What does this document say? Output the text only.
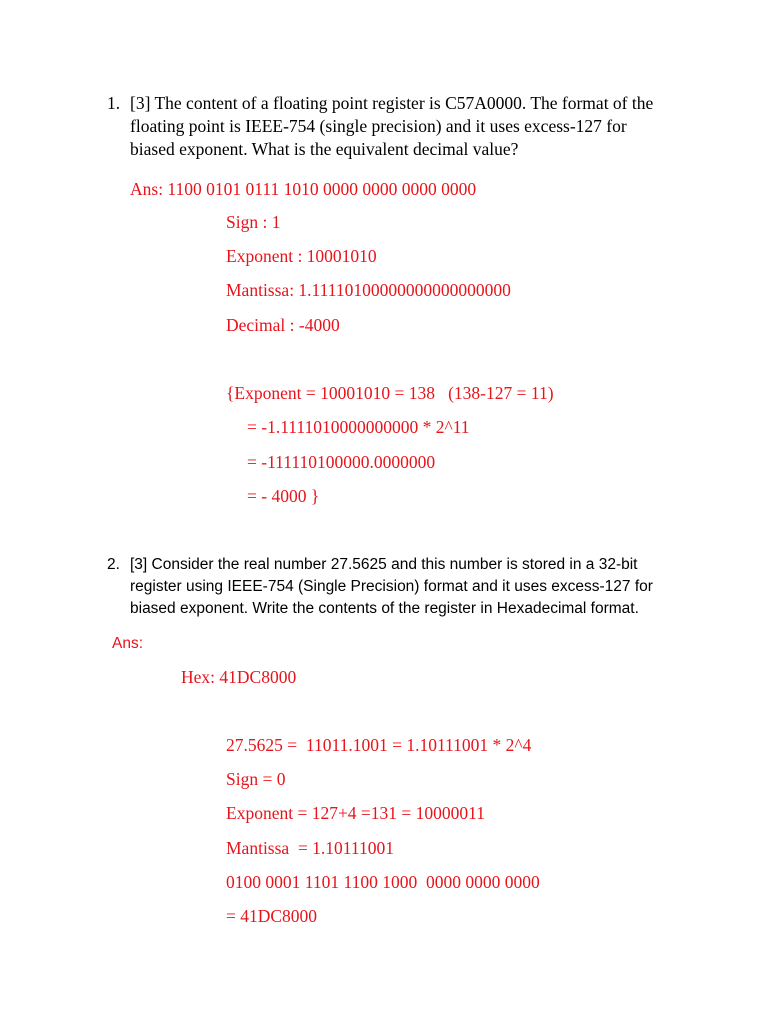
1. [3] The content of a floating point register is C57A0000. The format of the
floating point is IEEE-754 (single precision) and it uses excess-127 for
biased exponent. What is the equivalent decimal value?
Ans: 1100 0101 0111 1010 0000 0000 0000 0000
Sign : 1
Exponent : 10001010
Mantissa: 1.11110100000000000000000
Decimal : -4000
{Exponent = 10001010 = 138   (138-127 = 11)
= -1.1111010000000000 * 2^11
= -111110100000.0000000
= - 4000 }
2. [3] Consider the real number 27.5625 and this number is stored in a 32-bit
register using IEEE-754 (Single Precision) format and it uses excess-127 for
biased exponent. Write the contents of the register in Hexadecimal format.
Ans:
Hex: 41DC8000
27.5625 =  11011.1001 = 1.10111001 * 2^4
Sign = 0
Exponent = 127+4 =131 = 10000011
Mantissa  = 1.10111001
0100 0001 1101 1100 1000  0000 0000 0000
= 41DC8000
